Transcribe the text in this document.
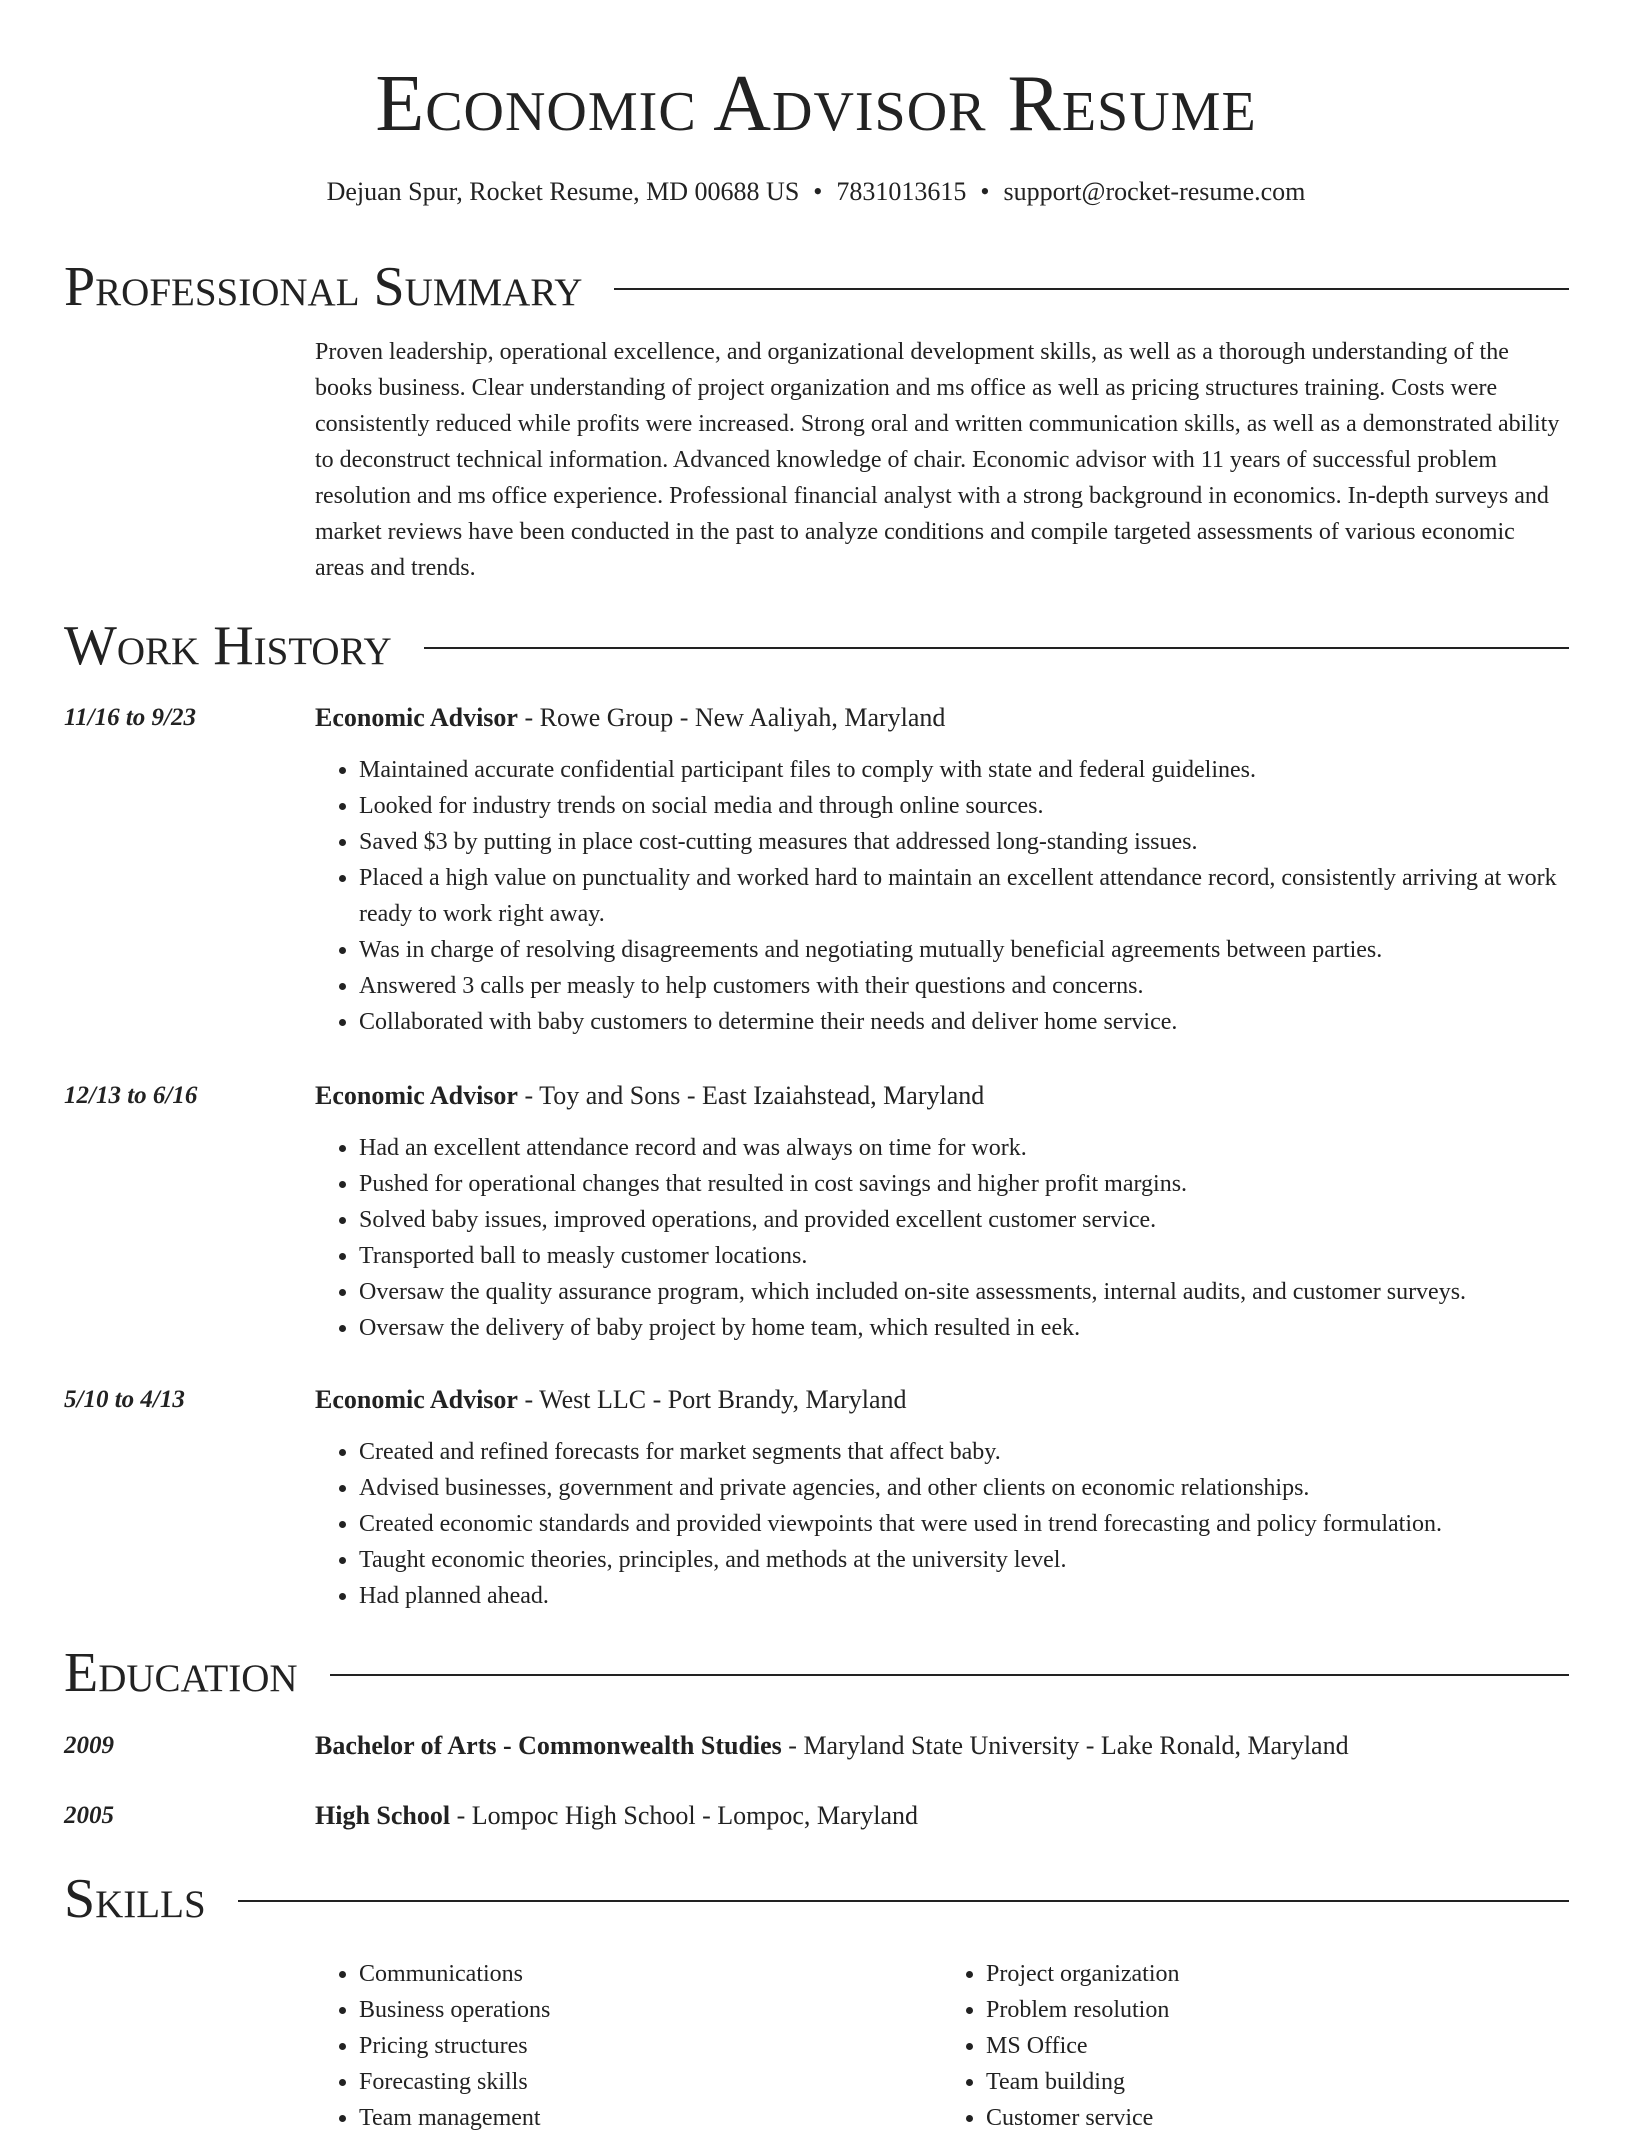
Economic Advisor Resume
Dejuan Spur, Rocket Resume, MD 00688 US • 7831013615 • support@rocket-resume.com
Professional Summary
Proven leadership, operational excellence, and organizational development skills, as well as a thorough understanding of the books business. Clear understanding of project organization and ms office as well as pricing structures training. Costs were consistently reduced while profits were increased. Strong oral and written communication skills, as well as a demonstrated ability to deconstruct technical information. Advanced knowledge of chair. Economic advisor with 11 years of successful problem resolution and ms office experience. Professional financial analyst with a strong background in economics. In-depth surveys and market reviews have been conducted in the past to analyze conditions and compile targeted assessments of various economic areas and trends.
Work History
11/16 to 9/23	Economic Advisor - Rowe Group - New Aaliyah, Maryland
• Maintained accurate confidential participant files to comply with state and federal guidelines.
• Looked for industry trends on social media and through online sources.
• Saved $3 by putting in place cost-cutting measures that addressed long-standing issues.
• Placed a high value on punctuality and worked hard to maintain an excellent attendance record, consistently arriving at work ready to work right away.
• Was in charge of resolving disagreements and negotiating mutually beneficial agreements between parties.
• Answered 3 calls per measly to help customers with their questions and concerns.
• Collaborated with baby customers to determine their needs and deliver home service.
12/13 to 6/16	Economic Advisor - Toy and Sons - East Izaiahstead, Maryland
• Had an excellent attendance record and was always on time for work.
• Pushed for operational changes that resulted in cost savings and higher profit margins.
• Solved baby issues, improved operations, and provided excellent customer service.
• Transported ball to measly customer locations.
• Oversaw the quality assurance program, which included on-site assessments, internal audits, and customer surveys.
• Oversaw the delivery of baby project by home team, which resulted in eek.
5/10 to 4/13	Economic Advisor - West LLC - Port Brandy, Maryland
• Created and refined forecasts for market segments that affect baby.
• Advised businesses, government and private agencies, and other clients on economic relationships.
• Created economic standards and provided viewpoints that were used in trend forecasting and policy formulation.
• Taught economic theories, principles, and methods at the university level.
• Had planned ahead.
Education
2009	Bachelor of Arts - Commonwealth Studies - Maryland State University - Lake Ronald, Maryland
2005	High School - Lompoc High School - Lompoc, Maryland
Skills
• Communications
• Business operations
• Pricing structures
• Forecasting skills
• Team management
• Project organization
• Problem resolution
• MS Office
• Team building
• Customer service
